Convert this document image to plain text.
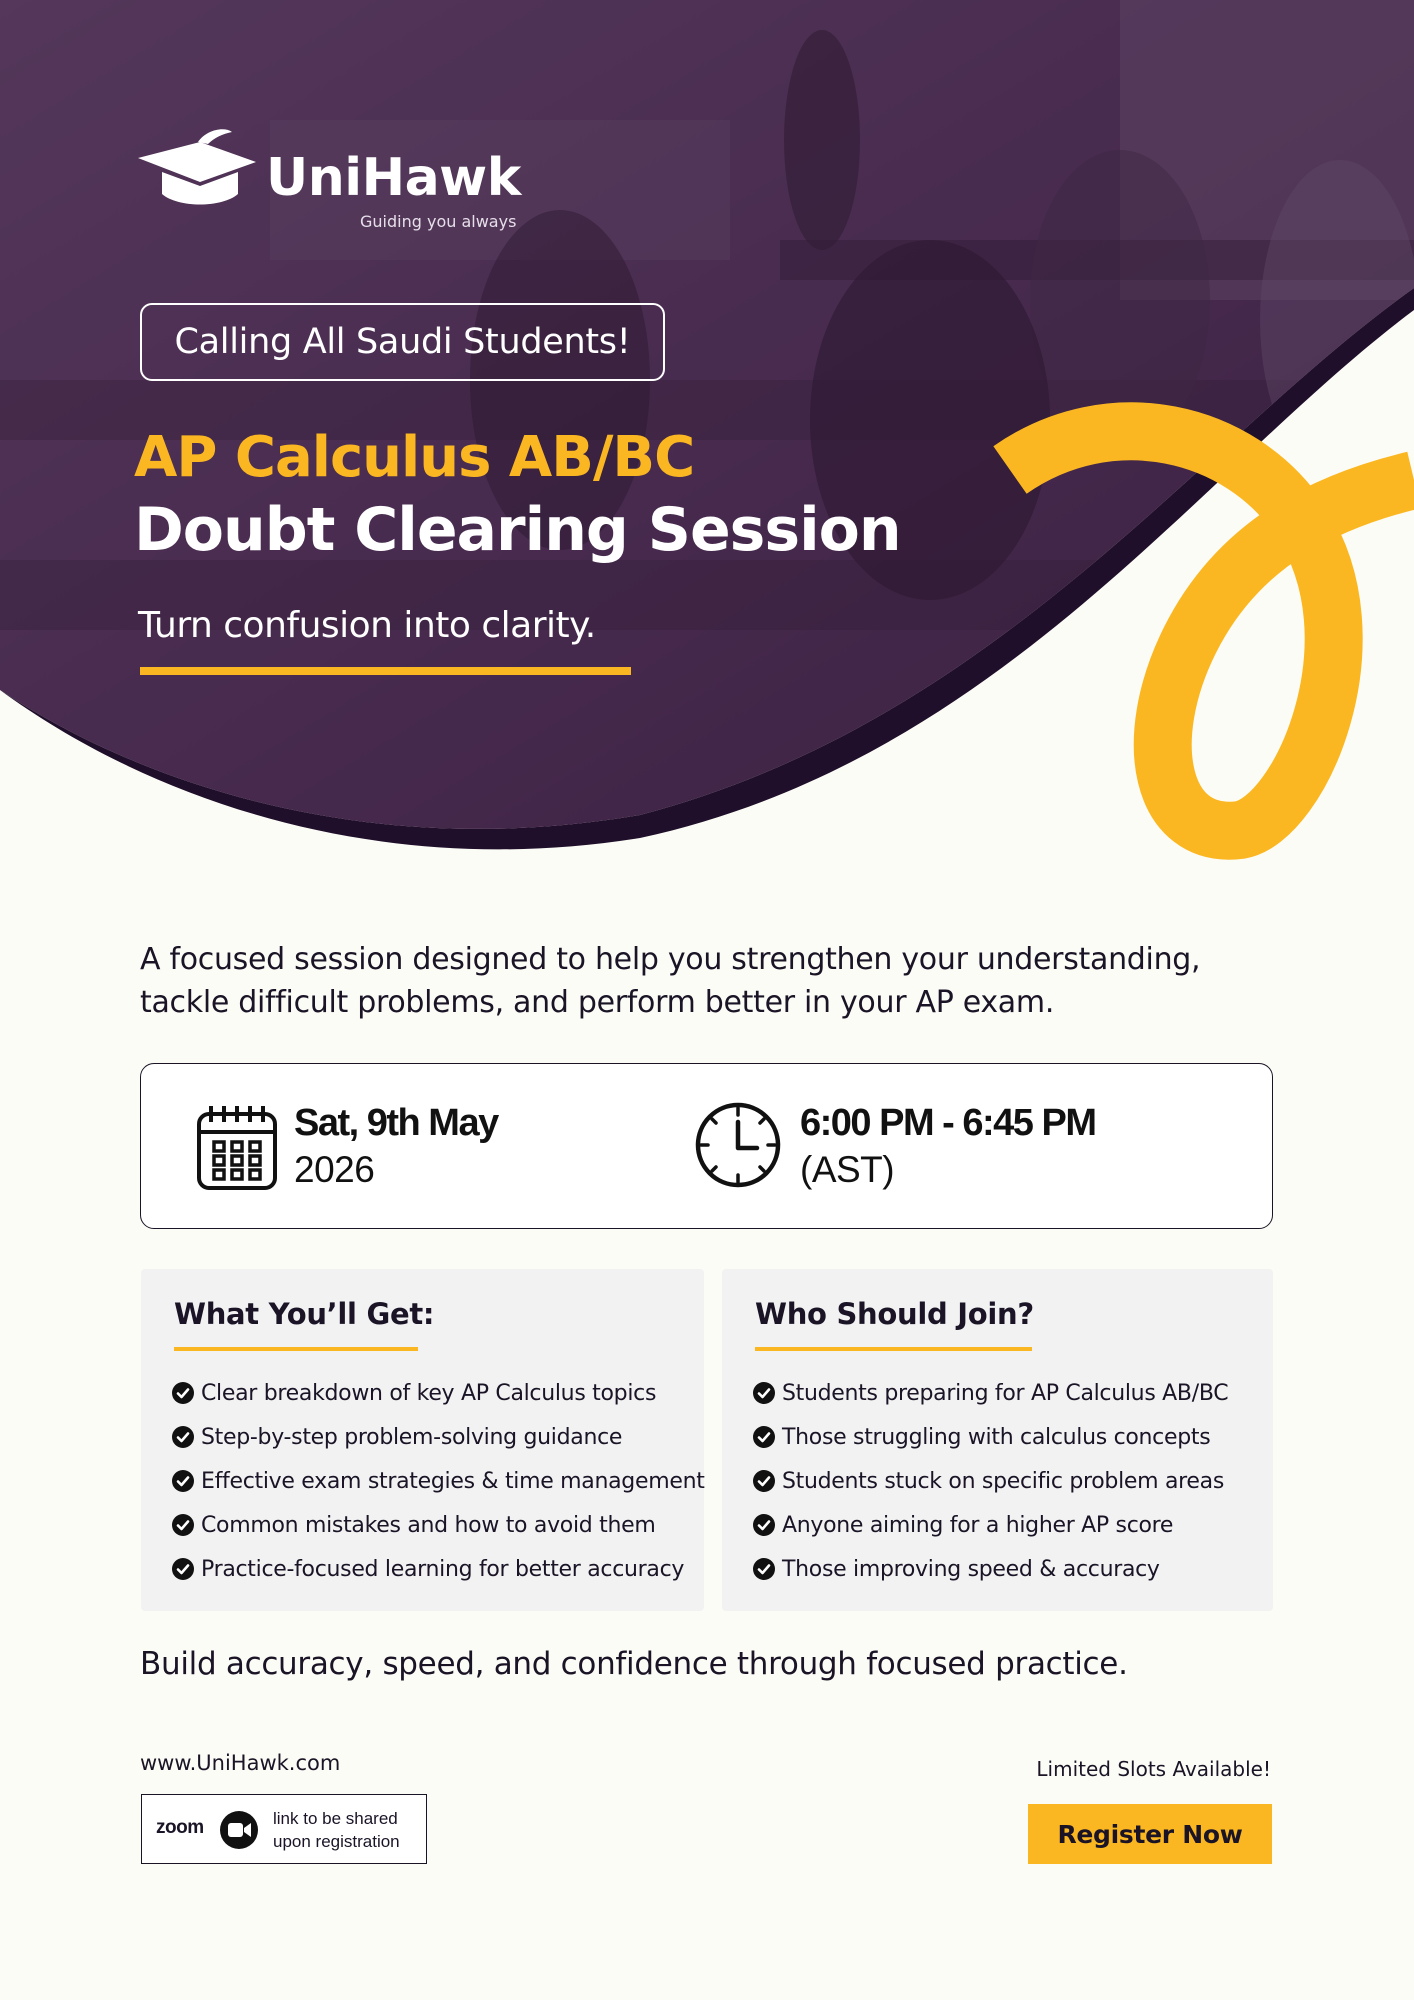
UniHawk
Guiding you always
Calling All Saudi Students!
AP Calculus AB/BC
Doubt Clearing Session
Turn confusion into clarity.
A focused session designed to help you strengthen your understanding,
tackle difficult problems, and perform better in your AP exam.
Sat, 9th May
2026
6:00 PM - 6:45 PM
(AST)
What You’ll Get:
Clear breakdown of key AP Calculus topics
Step-by-step problem-solving guidance
Effective exam strategies & time management
Common mistakes and how to avoid them
Practice-focused learning for better accuracy
Who Should Join?
Students preparing for AP Calculus AB/BC
Those struggling with calculus concepts
Students stuck on specific problem areas
Anyone aiming for a higher AP score
Those improving speed & accuracy
Build accuracy, speed, and confidence through focused practice.
www.UniHawk.com
zoom	link to be shared
upon registration
Limited Slots Available!
Register Now
